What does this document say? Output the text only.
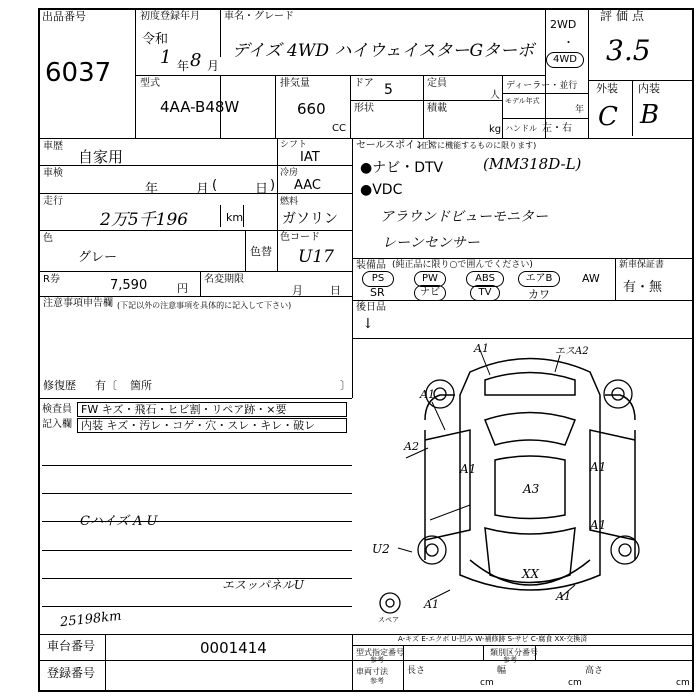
出品番号
6037
初度登録年月
令和
1 年 8 月
車名・グレード
デイズ 4WD ハイウェイスターGターボ
2WD
・
4WD
評価点
3.5
外装 内装
C B
型式
4AA-B48W
排気量
660
CC
ドア 5
形状
定員
人
積載
kg
ディーラー・並行
モデル年式
年
ハンドル 左・右
車歴
自家用
車検
年	月 (	日 )
走行
2万5千196	km
シフト
IAT
冷房
AAC
燃料
ガソリン
色
グレー	色替
色コード
U17
R券	7,590	円
名変期限
月 日
注意事項申告欄 (下記以外の注意事項を具体的に記入して下さい)
修復歴 有〔 箇所	〕
セールスポイント
(正常に機能するものに限ります)
●ナビ・DTV	(MM318D-L)
●VDC
アラウンドビューモニター
レーンセンサー
装備品 (純正品に限り○で囲んでください)
PS	PW	ABS	エアB	AW
SR	ナビ	TV	カワ
新車保証書
有・無
後日品
↓
検査員
記入欄
FW キズ・飛石・ヒビ割・リペア跡・×要
内装 キズ・汚レ・コゲ・穴・スレ・キレ・破レ
Cハイズ A U
エスッパネルU
25198km
A1	エスA2
A1
A2
A1
A3
A1
A1
U2
XX
A1
A1
スペア
A-キズ E-エクボ U-凹み W-補修跡 S-サビ C-腐食 XX-交換済
車台番号	0001414
登録番号
型式指定番号
参考
類別区分番号
参考
車両寸法
参考
長さ
cm
幅
cm
高さ
cm
